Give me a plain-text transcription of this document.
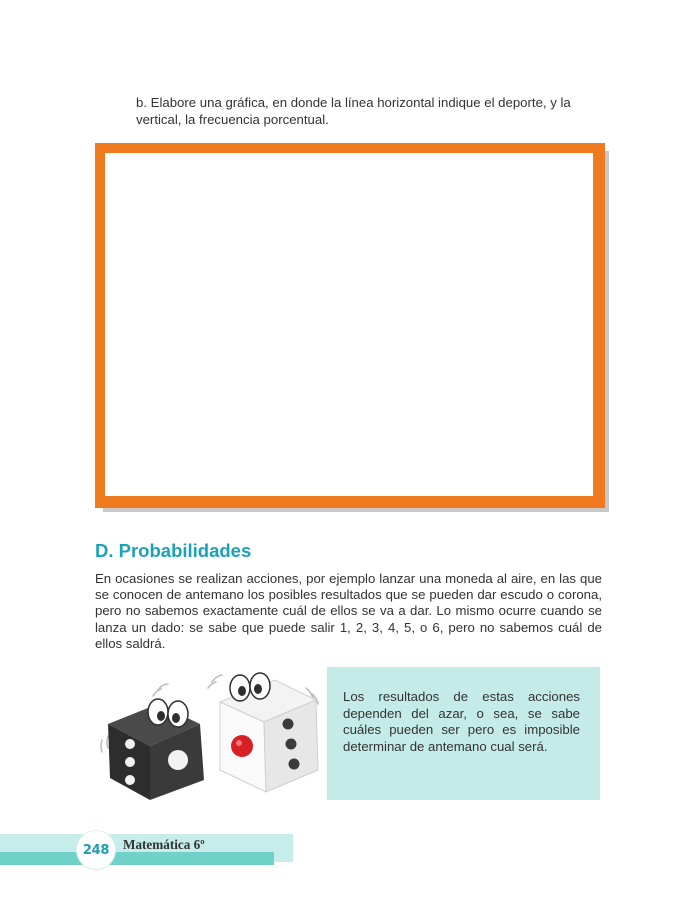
b. Elabore una gráfica, en donde la línea horizontal indique el deporte, y la vertical, la frecuencia porcentual.
D. Probabilidades
En ocasiones se realizan acciones, por ejemplo lanzar una moneda al aire, en las que se conocen de antemano los posibles resultados que se pueden dar escudo o corona, pero no sabemos exactamente cuál de ellos se va a dar. Lo mismo ocurre cuando se lanza un dado: se sabe que puede salir 1, 2, 3, 4, 5, o 6, pero no sabemos cuál de ellos saldrá.

Los resultados de estas acciones dependen del azar, o sea, se sabe cuáles pueden ser pero es imposible determinar de antemano cual será.

248	Matemática 6º
